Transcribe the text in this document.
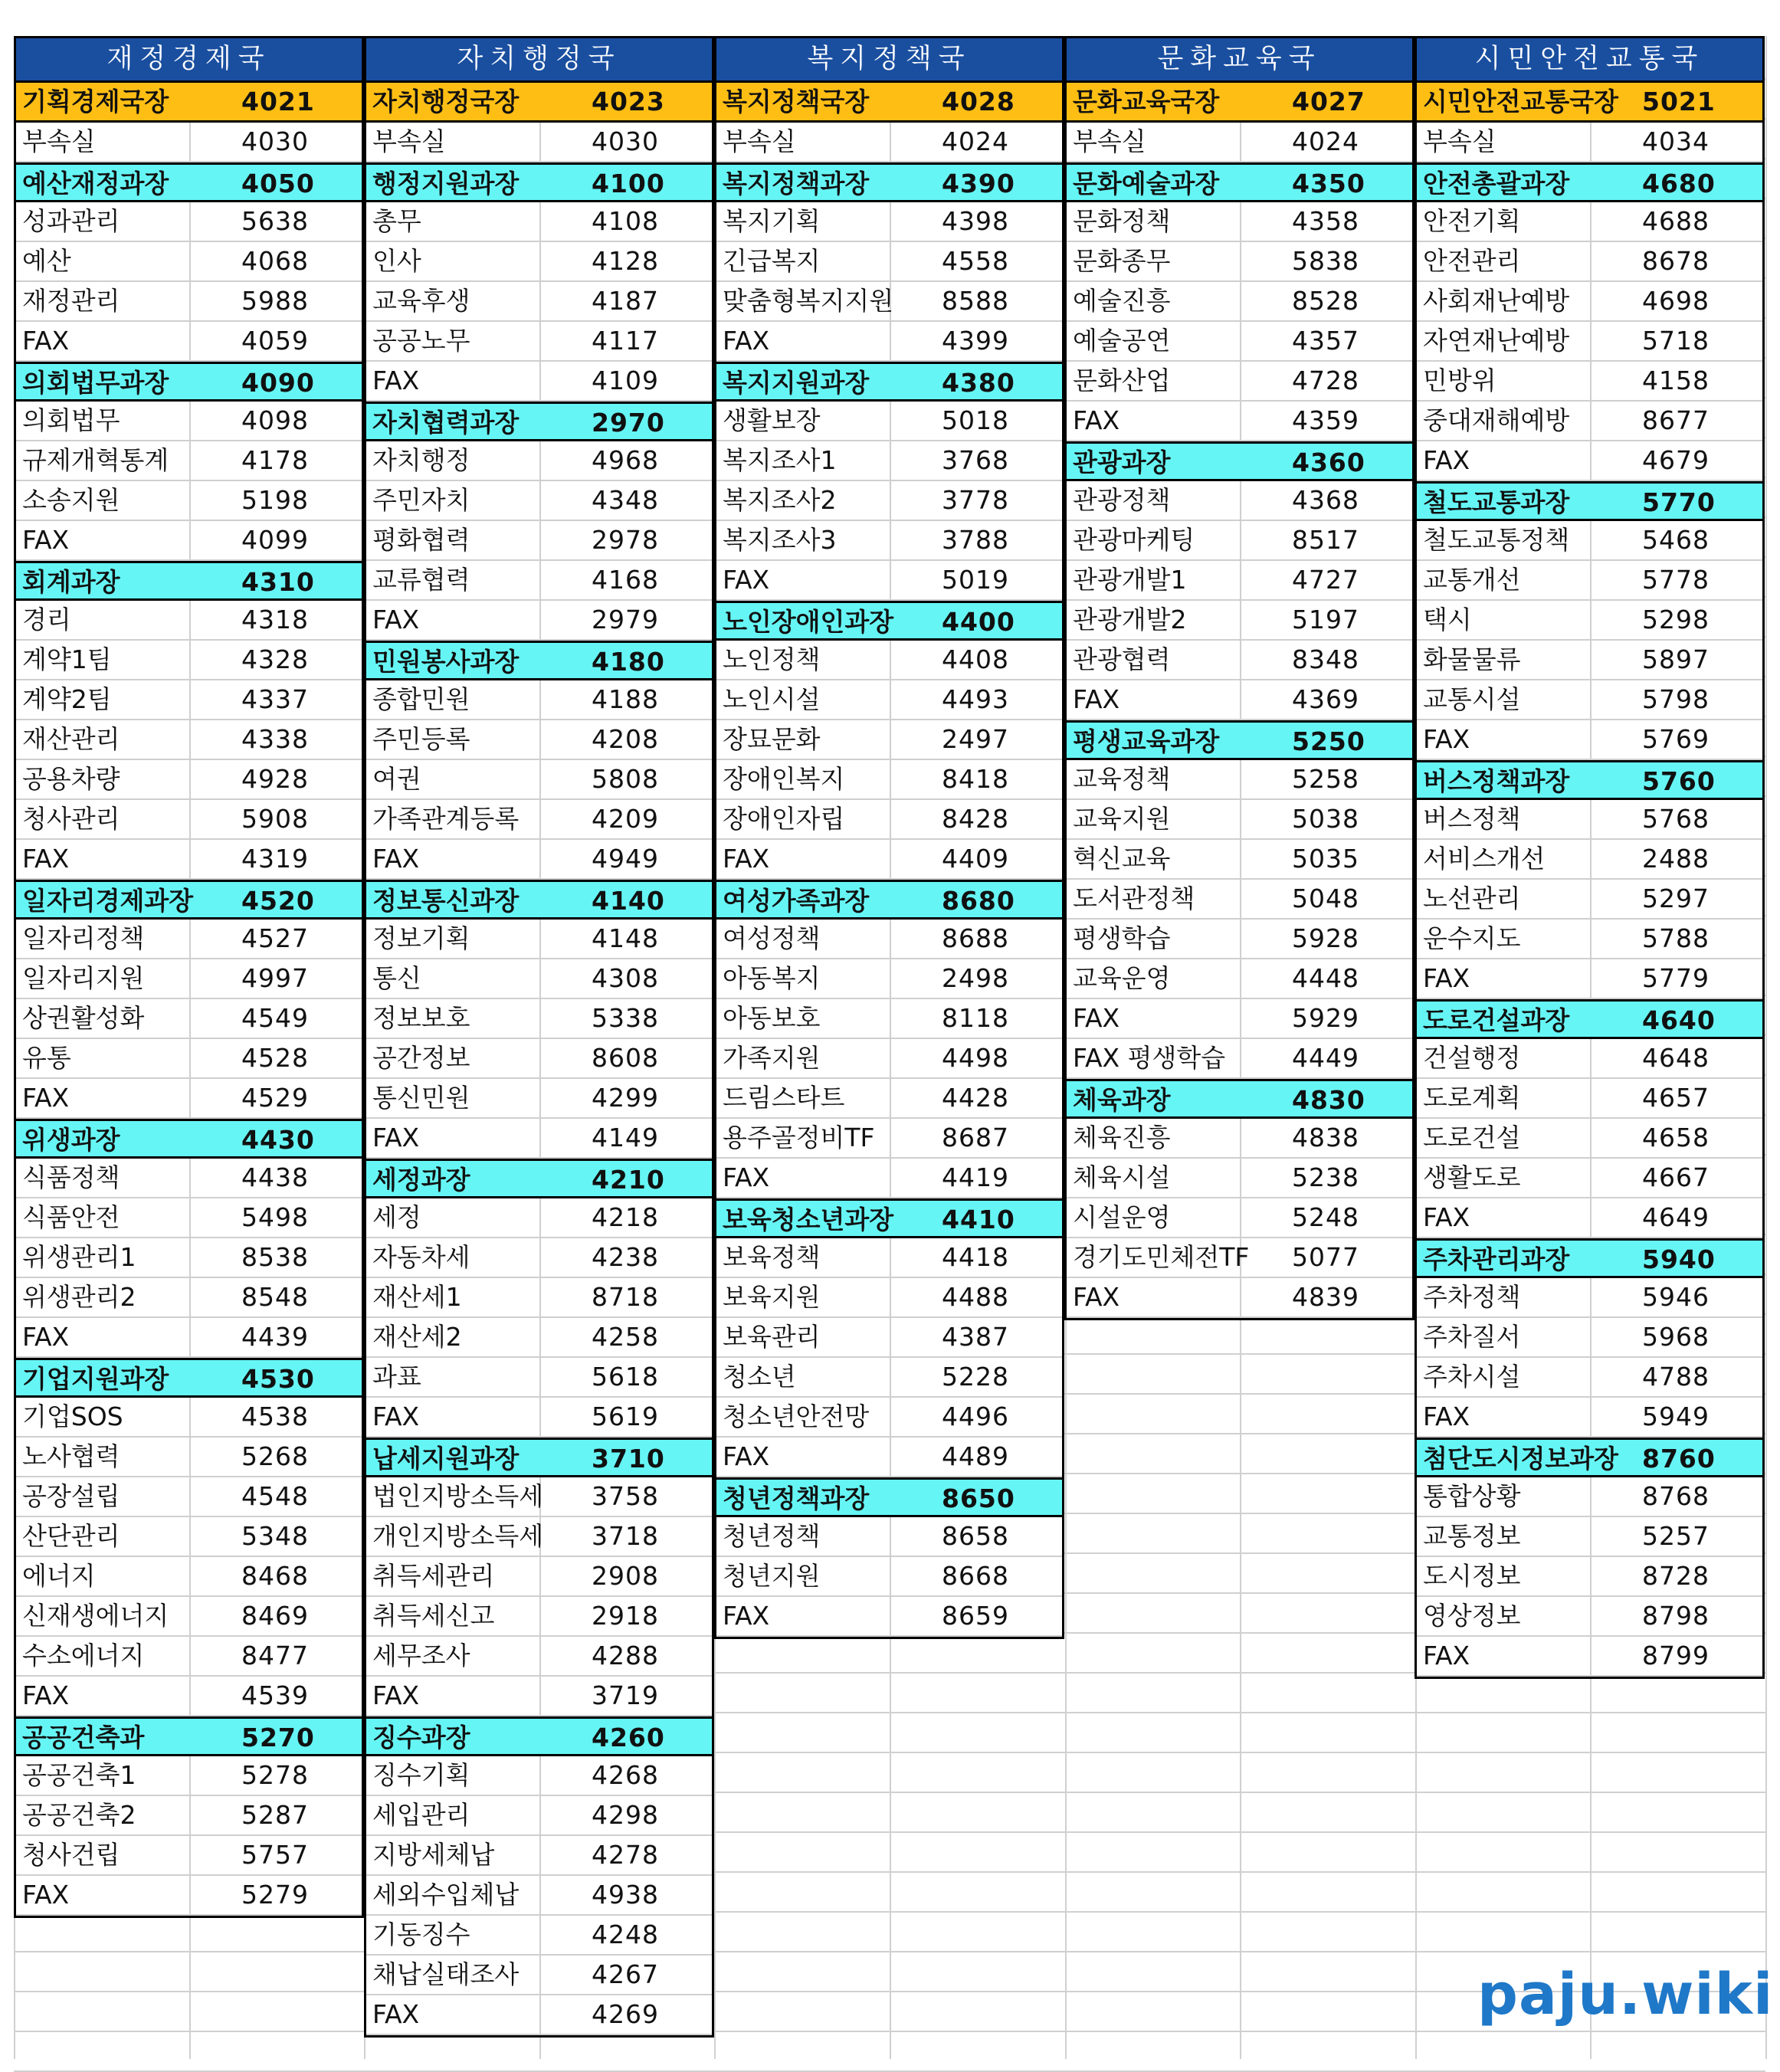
재정경제국
기획경제국장	4021
부속실	4030
예산재정과장	4050
성과관리	5638
예산	4068
재정관리	5988
FAX	4059
의회법무과장	4090
의회법무	4098
규제개혁통계	4178
소송지원	5198
FAX	4099
회계과장	4310
경리	4318
계약1팀	4328
계약2팀	4337
재산관리	4338
공용차량	4928
청사관리	5908
FAX	4319
일자리경제과장	4520
일자리정책	4527
일자리지원	4997
상권활성화	4549
유통	4528
FAX	4529
위생과장	4430
식품정책	4438
식품안전	5498
위생관리1	8538
위생관리2	8548
FAX	4439
기업지원과장	4530
기업SOS	4538
노사협력	5268
공장설립	4548
산단관리	5348
에너지	8468
신재생에너지	8469
수소에너지	8477
FAX	4539
공공건축과	5270
공공건축1	5278
공공건축2	5287
청사건립	5757
FAX	5279
자치행정국
자치행정국장	4023
부속실	4030
행정지원과장	4100
총무	4108
인사	4128
교육후생	4187
공공노무	4117
FAX	4109
자치협력과장	2970
자치행정	4968
주민자치	4348
평화협력	2978
교류협력	4168
FAX	2979
민원봉사과장	4180
종합민원	4188
주민등록	4208
여권	5808
가족관계등록	4209
FAX	4949
정보통신과장	4140
정보기획	4148
통신	4308
정보보호	5338
공간정보	8608
통신민원	4299
FAX	4149
세정과장	4210
세정	4218
자동차세	4238
재산세1	8718
재산세2	4258
과표	5618
FAX	5619
납세지원과장	3710
법인지방소득세	3758
개인지방소득세	3718
취득세관리	2908
취득세신고	2918
세무조사	4288
FAX	3719
징수과장	4260
징수기획	4268
세입관리	4298
지방세체납	4278
세외수입체납	4938
기동징수	4248
채납실태조사	4267
FAX	4269
복지정책국
복지정책국장	4028
부속실	4024
복지정책과장	4390
복지기획	4398
긴급복지	4558
맞춤형복지지원	8588
FAX	4399
복지지원과장	4380
생활보장	5018
복지조사1	3768
복지조사2	3778
복지조사3	3788
FAX	5019
노인장애인과장	4400
노인정책	4408
노인시설	4493
장묘문화	2497
장애인복지	8418
장애인자립	8428
FAX	4409
여성가족과장	8680
여성정책	8688
아동복지	2498
아동보호	8118
가족지원	4498
드림스타트	4428
용주골정비TF	8687
FAX	4419
보육청소년과장	4410
보육정책	4418
보육지원	4488
보육관리	4387
청소년	5228
청소년안전망	4496
FAX	4489
청년정책과장	8650
청년정책	8658
청년지원	8668
FAX	8659
문화교육국
문화교육국장	4027
부속실	4024
문화예술과장	4350
문화정책	4358
문화종무	5838
예술진흥	8528
예술공연	4357
문화산업	4728
FAX	4359
관광과장	4360
관광정책	4368
관광마케팅	8517
관광개발1	4727
관광개발2	5197
관광협력	8348
FAX	4369
평생교육과장	5250
교육정책	5258
교육지원	5038
혁신교육	5035
도서관정책	5048
평생학습	5928
교육운영	4448
FAX	5929
FAX 평생학습	4449
체육과장	4830
체육진흥	4838
체육시설	5238
시설운영	5248
경기도민체전TF	5077
FAX	4839
시민안전교통국
시민안전교통국장 5021
부속실	4034
안전총괄과장	4680
안전기획	4688
안전관리	8678
사회재난예방	4698
자연재난예방	5718
민방위	4158
중대재해예방	8677
FAX	4679
철도교통과장	5770
철도교통정책	5468
교통개선	5778
택시	5298
화물물류	5897
교통시설	5798
FAX	5769
버스정책과장	5760
버스정책	5768
서비스개선	2488
노선관리	5297
운수지도	5788
FAX	5779
도로건설과장	4640
건설행정	4648
도로계획	4657
도로건설	4658
생활도로	4667
FAX	4649
주차관리과장	5940
주차정책	5946
주차질서	5968
주차시설	4788
FAX	5949
첨단도시정보과장 8760
통합상황	8768
교통정보	5257
도시정보	8728
영상정보	8798
FAX	8799
paju.wiki
